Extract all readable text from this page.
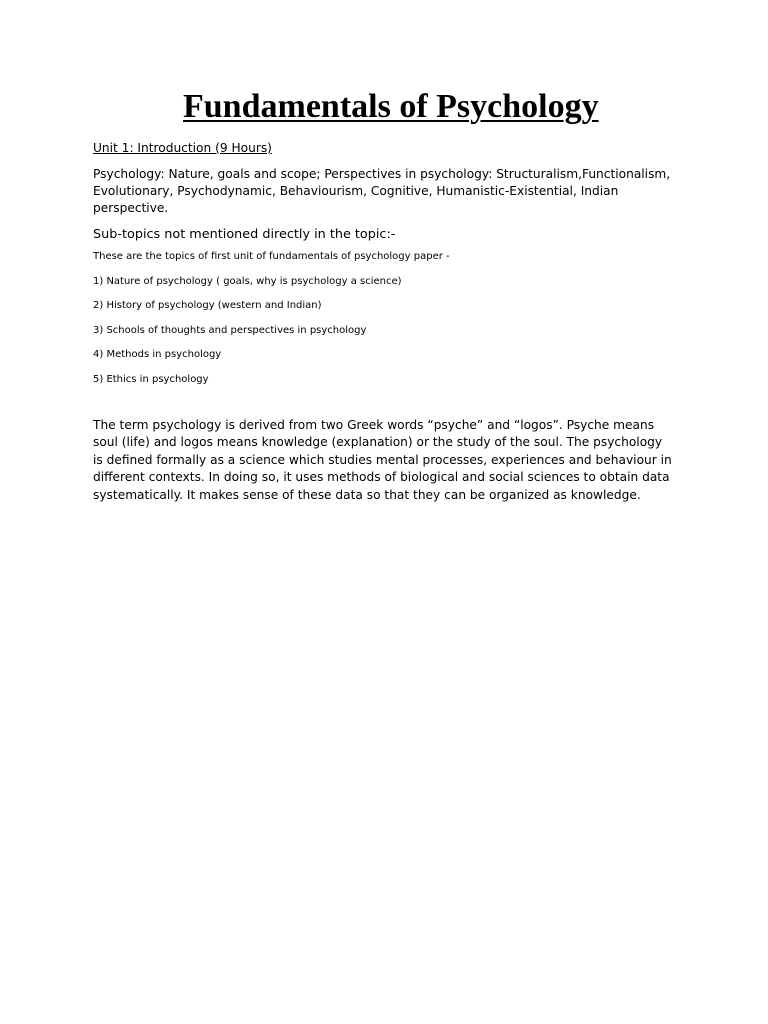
Fundamentals of Psychology

Unit 1: Introduction (9 Hours)

Psychology: Nature, goals and scope; Perspectives in psychology: Structuralism,Functionalism, Evolutionary, Psychodynamic, Behaviourism, Cognitive, Humanistic-Existential, Indian perspective.

Sub-topics not mentioned directly in the topic:-

These are the topics of first unit of fundamentals of psychology paper -

1) Nature of psychology ( goals, why is psychology a science)
2) History of psychology (western and Indian)
3) Schools of thoughts and perspectives in psychology
4) Methods in psychology
5) Ethics in psychology

The term psychology is derived from two Greek words “psyche” and “logos”. Psyche means soul (life) and logos means knowledge (explanation) or the study of the soul. The psychology is defined formally as a science which studies mental processes, experiences and behaviour in different contexts. In doing so, it uses methods of biological and social sciences to obtain data systematically. It makes sense of these data so that they can be organized as knowledge.
